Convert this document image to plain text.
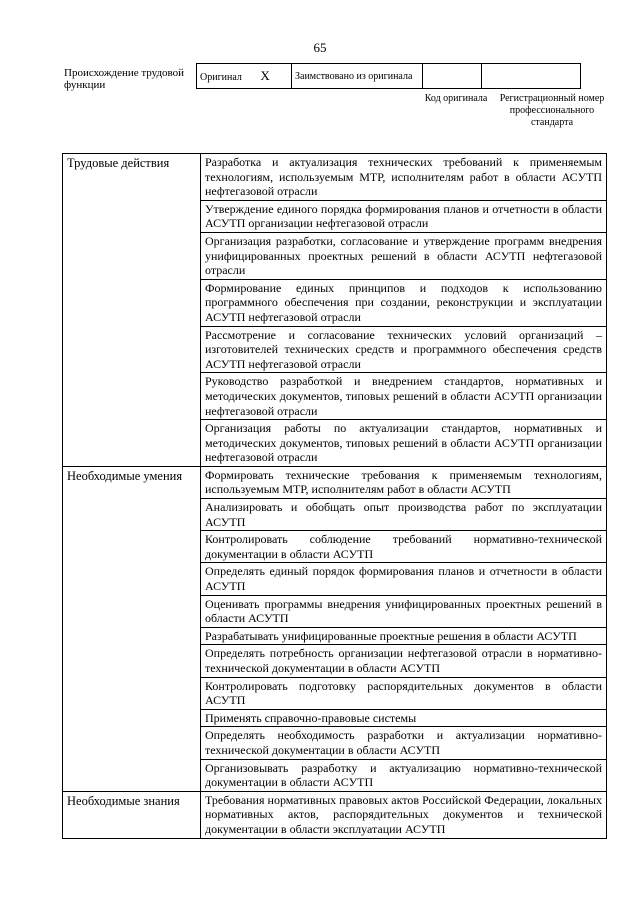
65
Происхождение трудовой функции
Оригинал X	Заимствовано из оригинала		
Код оригинала Регистрационный номер профессионального стандарта
Трудовые действия	Разработка и актуализация технических требований к применяемым технологиям, используемым МТР, исполнителям работ в области АСУТП нефтегазовой отрасли
	Утверждение единого порядка формирования планов и отчетности в области АСУТП организации нефтегазовой отрасли
	Организация разработки, согласование и утверждение программ внедрения унифицированных проектных решений в области АСУТП нефтегазовой отрасли
	Формирование единых принципов и подходов к использованию программного обеспечения при создании, реконструкции и эксплуатации АСУТП нефтегазовой отрасли
	Рассмотрение и согласование технических условий организаций – изготовителей технических средств и программного обеспечения средств АСУТП нефтегазовой отрасли
	Руководство разработкой и внедрением стандартов, нормативных и методических документов, типовых решений в области АСУТП организации нефтегазовой отрасли
	Организация работы по актуализации стандартов, нормативных и методических документов, типовых решений в области АСУТП организации нефтегазовой отрасли
Необходимые умения	Формировать технические требования к применяемым технологиям, используемым МТР, исполнителям работ в области АСУТП
	Анализировать и обобщать опыт производства работ по эксплуатации АСУТП
	Контролировать соблюдение требований нормативно-технической документации в области АСУТП
	Определять единый порядок формирования планов и отчетности в области АСУТП
	Оценивать программы внедрения унифицированных проектных решений в области АСУТП
	Разрабатывать унифицированные проектные решения в области АСУТП
	Определять потребность организации нефтегазовой отрасли в нормативно-технической документации в области АСУТП
	Контролировать подготовку распорядительных документов в области АСУТП
	Применять справочно-правовые системы
	Определять необходимость разработки и актуализации нормативно-технической документации в области АСУТП
	Организовывать разработку и актуализацию нормативно-технической документации в области АСУТП
Необходимые знания	Требования нормативных правовых актов Российской Федерации, локальных нормативных актов, распорядительных документов и технической документации в области эксплуатации АСУТП
